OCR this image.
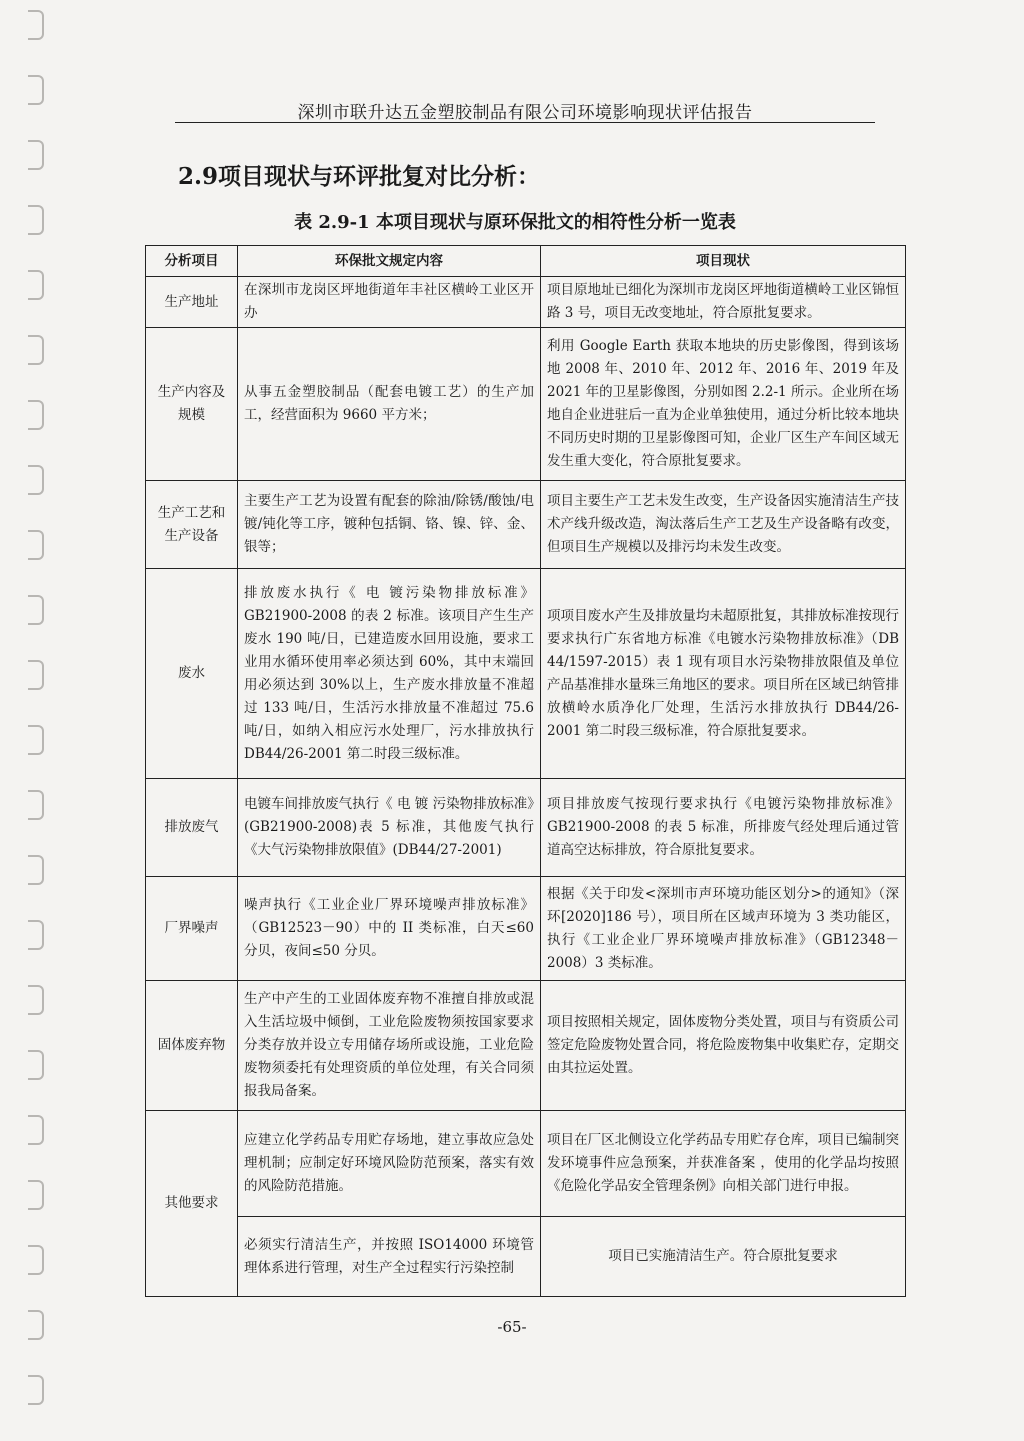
深圳市联升达五金塑胶制品有限公司环境影响现状评估报告
2.9项目现状与环评批复对比分析：
表 2.9-1 本项目现状与原环保批文的相符性分析一览表
分析项目	环保批文规定内容	项目现状
生产地址	在深圳市龙岗区坪地街道年丰社区横岭工业区开办	项目原地址已细化为深圳市龙岗区坪地街道横岭工业区锦恒路 3 号，项目无改变地址，符合原批复要求。
生产内容及规模	从事五金塑胶制品（配套电镀工艺）的生产加工，经营面积为 9660 平方米；	利用 Google Earth 获取本地块的历史影像图，得到该场地 2008 年、2010 年、2012 年、2016 年、2019 年及 2021 年的卫星影像图，分别如图 2.2-1 所示。企业所在场地自企业进驻后一直为企业单独使用，通过分析比较本地块不同历史时期的卫星影像图可知，企业厂区生产车间区域无发生重大变化，符合原批复要求。
生产工艺和生产设备	主要生产工艺为设置有配套的除油/除锈/酸蚀/电镀/钝化等工序，镀种包括铜、铬、镍、锌、金、银等；	项目主要生产工艺未发生改变，生产设备因实施清洁生产技术产线升级改造，淘汰落后生产工艺及生产设备略有改变，但项目生产规模以及排污均未发生改变。
废水	排放废水执行《 电 镀污染物排放标准》GB21900-2008 的表 2 标准。该项目产生生产废水 190 吨/日，已建造废水回用设施，要求工业用水循环使用率必须达到 60%，其中末端回用必须达到 30%以上，生产废水排放量不准超过 133 吨/日，生活污水排放量不准超过 75.6 吨/日，如纳入相应污水处理厂，污水排放执行 DB44/26-2001 第二时段三级标准。	项项目废水产生及排放量均未超原批复，其排放标准按现行要求执行广东省地方标准《电镀水污染物排放标准》（DB 44/1597-2015）表 1 现有项目水污染物排放限值及单位产品基准排水量珠三角地区的要求。项目所在区域已纳管排放横岭水质净化厂处理，生活污水排放执行 DB44/26-2001 第二时段三级标准，符合原批复要求。
排放废气	电镀车间排放废气执行《 电 镀 污染物排放标准》(GB21900-2008)表 5 标准，其他废气执行《大气污染物排放限值》(DB44/27-2001)	项目排放废气按现行要求执行《电镀污染物排放标准》GB21900-2008 的表 5 标准，所排废气经处理后通过管道高空达标排放，符合原批复要求。
厂界噪声	噪声执行《工业企业厂界环境噪声排放标准》（GB12523－90）中的 II 类标准，白天≤60 分贝，夜间≤50 分贝。	根据《关于印发<深圳市声环境功能区划分>的通知》（深环[2020]186 号），项目所在区域声环境为 3 类功能区，执行《工业企业厂界环境噪声排放标准》（GB12348－2008）3 类标准。
固体废弃物	生产中产生的工业固体废弃物不准擅自排放或混入生活垃圾中倾倒，工业危险废物须按国家要求分类存放并设立专用储存场所或设施，工业危险废物须委托有处理资质的单位处理，有关合同须报我局备案。	项目按照相关规定，固体废物分类处置，项目与有资质公司签定危险废物处置合同，将危险废物集中收集贮存，定期交由其拉运处置。
其他要求	应建立化学药品专用贮存场地，建立事故应急处理机制；应制定好环境风险防范预案，落实有效的风险防范措施。	项目在厂区北侧设立化学药品专用贮存仓库，项目已编制突发环境事件应急预案，并获准备案 ，使用的化学品均按照《危险化学品安全管理条例》向相关部门进行申报。
	必须实行清洁生产，并按照 ISO14000 环境管理体系进行管理，对生产全过程实行污染控制	项目已实施清洁生产。符合原批复要求
-65-
